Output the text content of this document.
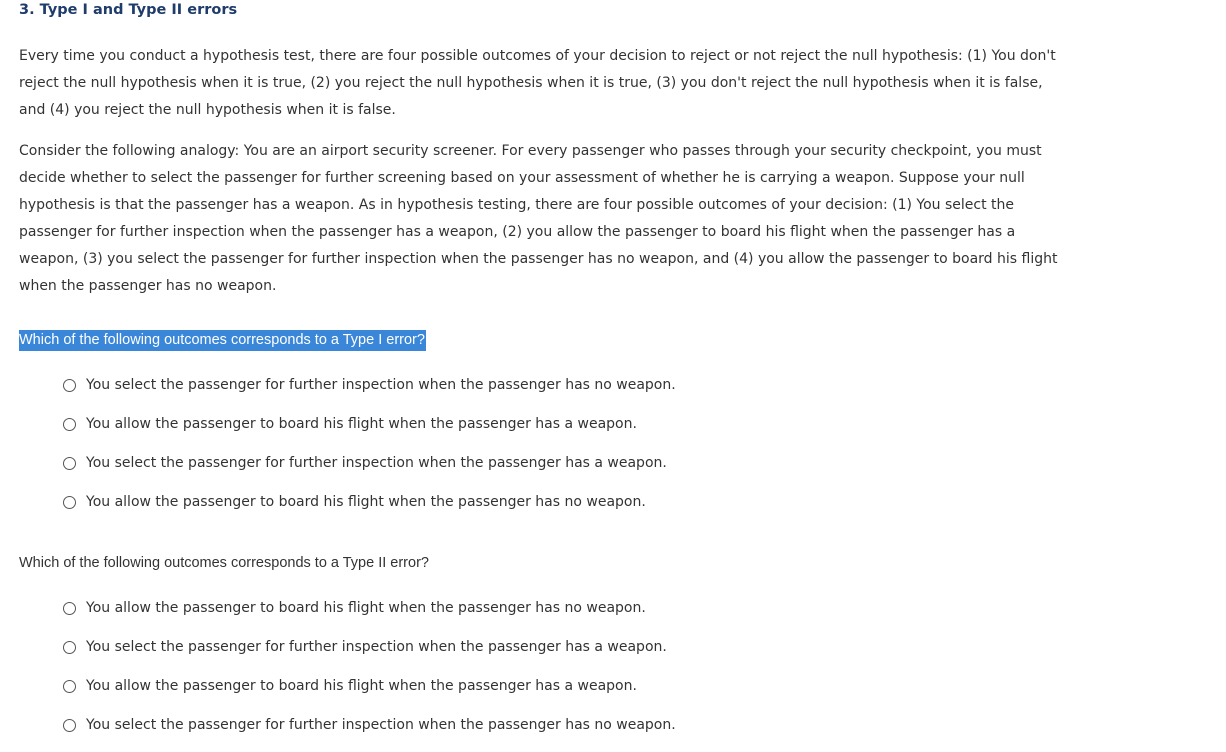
3. Type I and Type II errors

Every time you conduct a hypothesis test, there are four possible outcomes of your decision to reject or not reject the null hypothesis: (1) You don't reject the null hypothesis when it is true, (2) you reject the null hypothesis when it is true, (3) you don't reject the null hypothesis when it is false, and (4) you reject the null hypothesis when it is false.

Consider the following analogy: You are an airport security screener. For every passenger who passes through your security checkpoint, you must decide whether to select the passenger for further screening based on your assessment of whether he is carrying a weapon. Suppose your null hypothesis is that the passenger has a weapon. As in hypothesis testing, there are four possible outcomes of your decision: (1) You select the passenger for further inspection when the passenger has a weapon, (2) you allow the passenger to board his flight when the passenger has a weapon, (3) you select the passenger for further inspection when the passenger has no weapon, and (4) you allow the passenger to board his flight when the passenger has no weapon.

Which of the following outcomes corresponds to a Type I error?

You select the passenger for further inspection when the passenger has no weapon.
You allow the passenger to board his flight when the passenger has a weapon.
You select the passenger for further inspection when the passenger has a weapon.
You allow the passenger to board his flight when the passenger has no weapon.

Which of the following outcomes corresponds to a Type II error?

You allow the passenger to board his flight when the passenger has no weapon.
You select the passenger for further inspection when the passenger has a weapon.
You allow the passenger to board his flight when the passenger has a weapon.
You select the passenger for further inspection when the passenger has no weapon.
